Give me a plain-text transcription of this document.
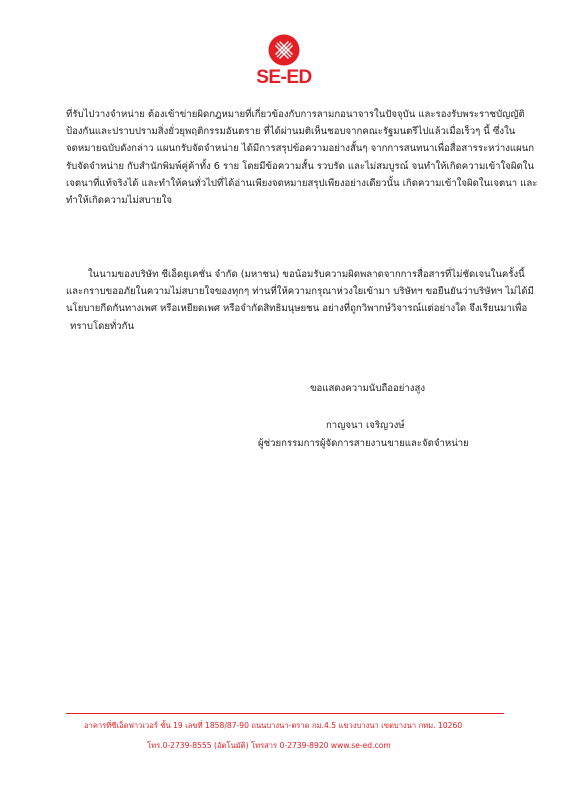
SE-ED
ที่รับไปวางจำหน่าย ต้องเข้าข่ายผิดกฎหมายที่เกี่ยวข้องกับการลามกอนาจารในปัจจุบัน และรองรับพระราชบัญญัติ
ป้องกันและปราบปรามสิ่งยั่วยุพฤติกรรมอันตราย ที่ได้ผ่านมติเห็นชอบจากคณะรัฐมนตรีไปแล้วเมื่อเร็วๆ นี้ ซึ่งใน
จดหมายฉบับดังกล่าว แผนกรับจัดจำหน่าย ได้มีการสรุปข้อความอย่างสั้นๆ จากการสนทนาเพื่อสื่อสารระหว่างแผนก
รับจัดจำหน่าย กับสำนักพิมพ์คู่ค้าทั้ง 6 ราย โดยมีข้อความสั้น รวบรัด และไม่สมบูรณ์ จนทำให้เกิดความเข้าใจผิดใน
เจตนาที่แท้จริงได้ และทำให้คนทั่วไปที่ได้อ่านเพียงจดหมายสรุปเพียงอย่างเดียวนั้น เกิดความเข้าใจผิดในเจตนา และ
ทำให้เกิดความไม่สบายใจ
ในนามของบริษัท ซีเอ็ดยูเคชั่น จำกัด (มหาชน) ขอน้อมรับความผิดพลาดจากการสื่อสารที่ไม่ชัดเจนในครั้งนี้
และกราบขออภัยในความไม่สบายใจของทุกๆ ท่านที่ให้ความกรุณาห่วงใยเข้ามา บริษัทฯ ขอยืนยันว่าบริษัทฯ ไม่ได้มี
นโยบายกีดกันทางเพศ หรือเหยียดเพศ หรือจำกัดสิทธิมนุษยชน อย่างที่ถูกวิพากษ์วิจารณ์แต่อย่างใด จึงเรียนมาเพื่อ
ทราบโดยทั่วกัน
ขอแสดงความนับถืออย่างสูง
กาญจนา เจริญวงษ์
ผู้ช่วยกรรมการผู้จัดการสายงานขายและจัดจำหน่าย
อาคารที่ซีเอ็ดฟาวเวอร์ ชั้น 19 เลขที่ 1858/87-90 ถนนบางนา-ตราด กม.4.5 แขวงบางนา เขตบางนา กทม. 10260
โทร.0-2739-8555 (อัตโนมัติ) โทรสาร 0-2739-8920 www.se-ed.com
